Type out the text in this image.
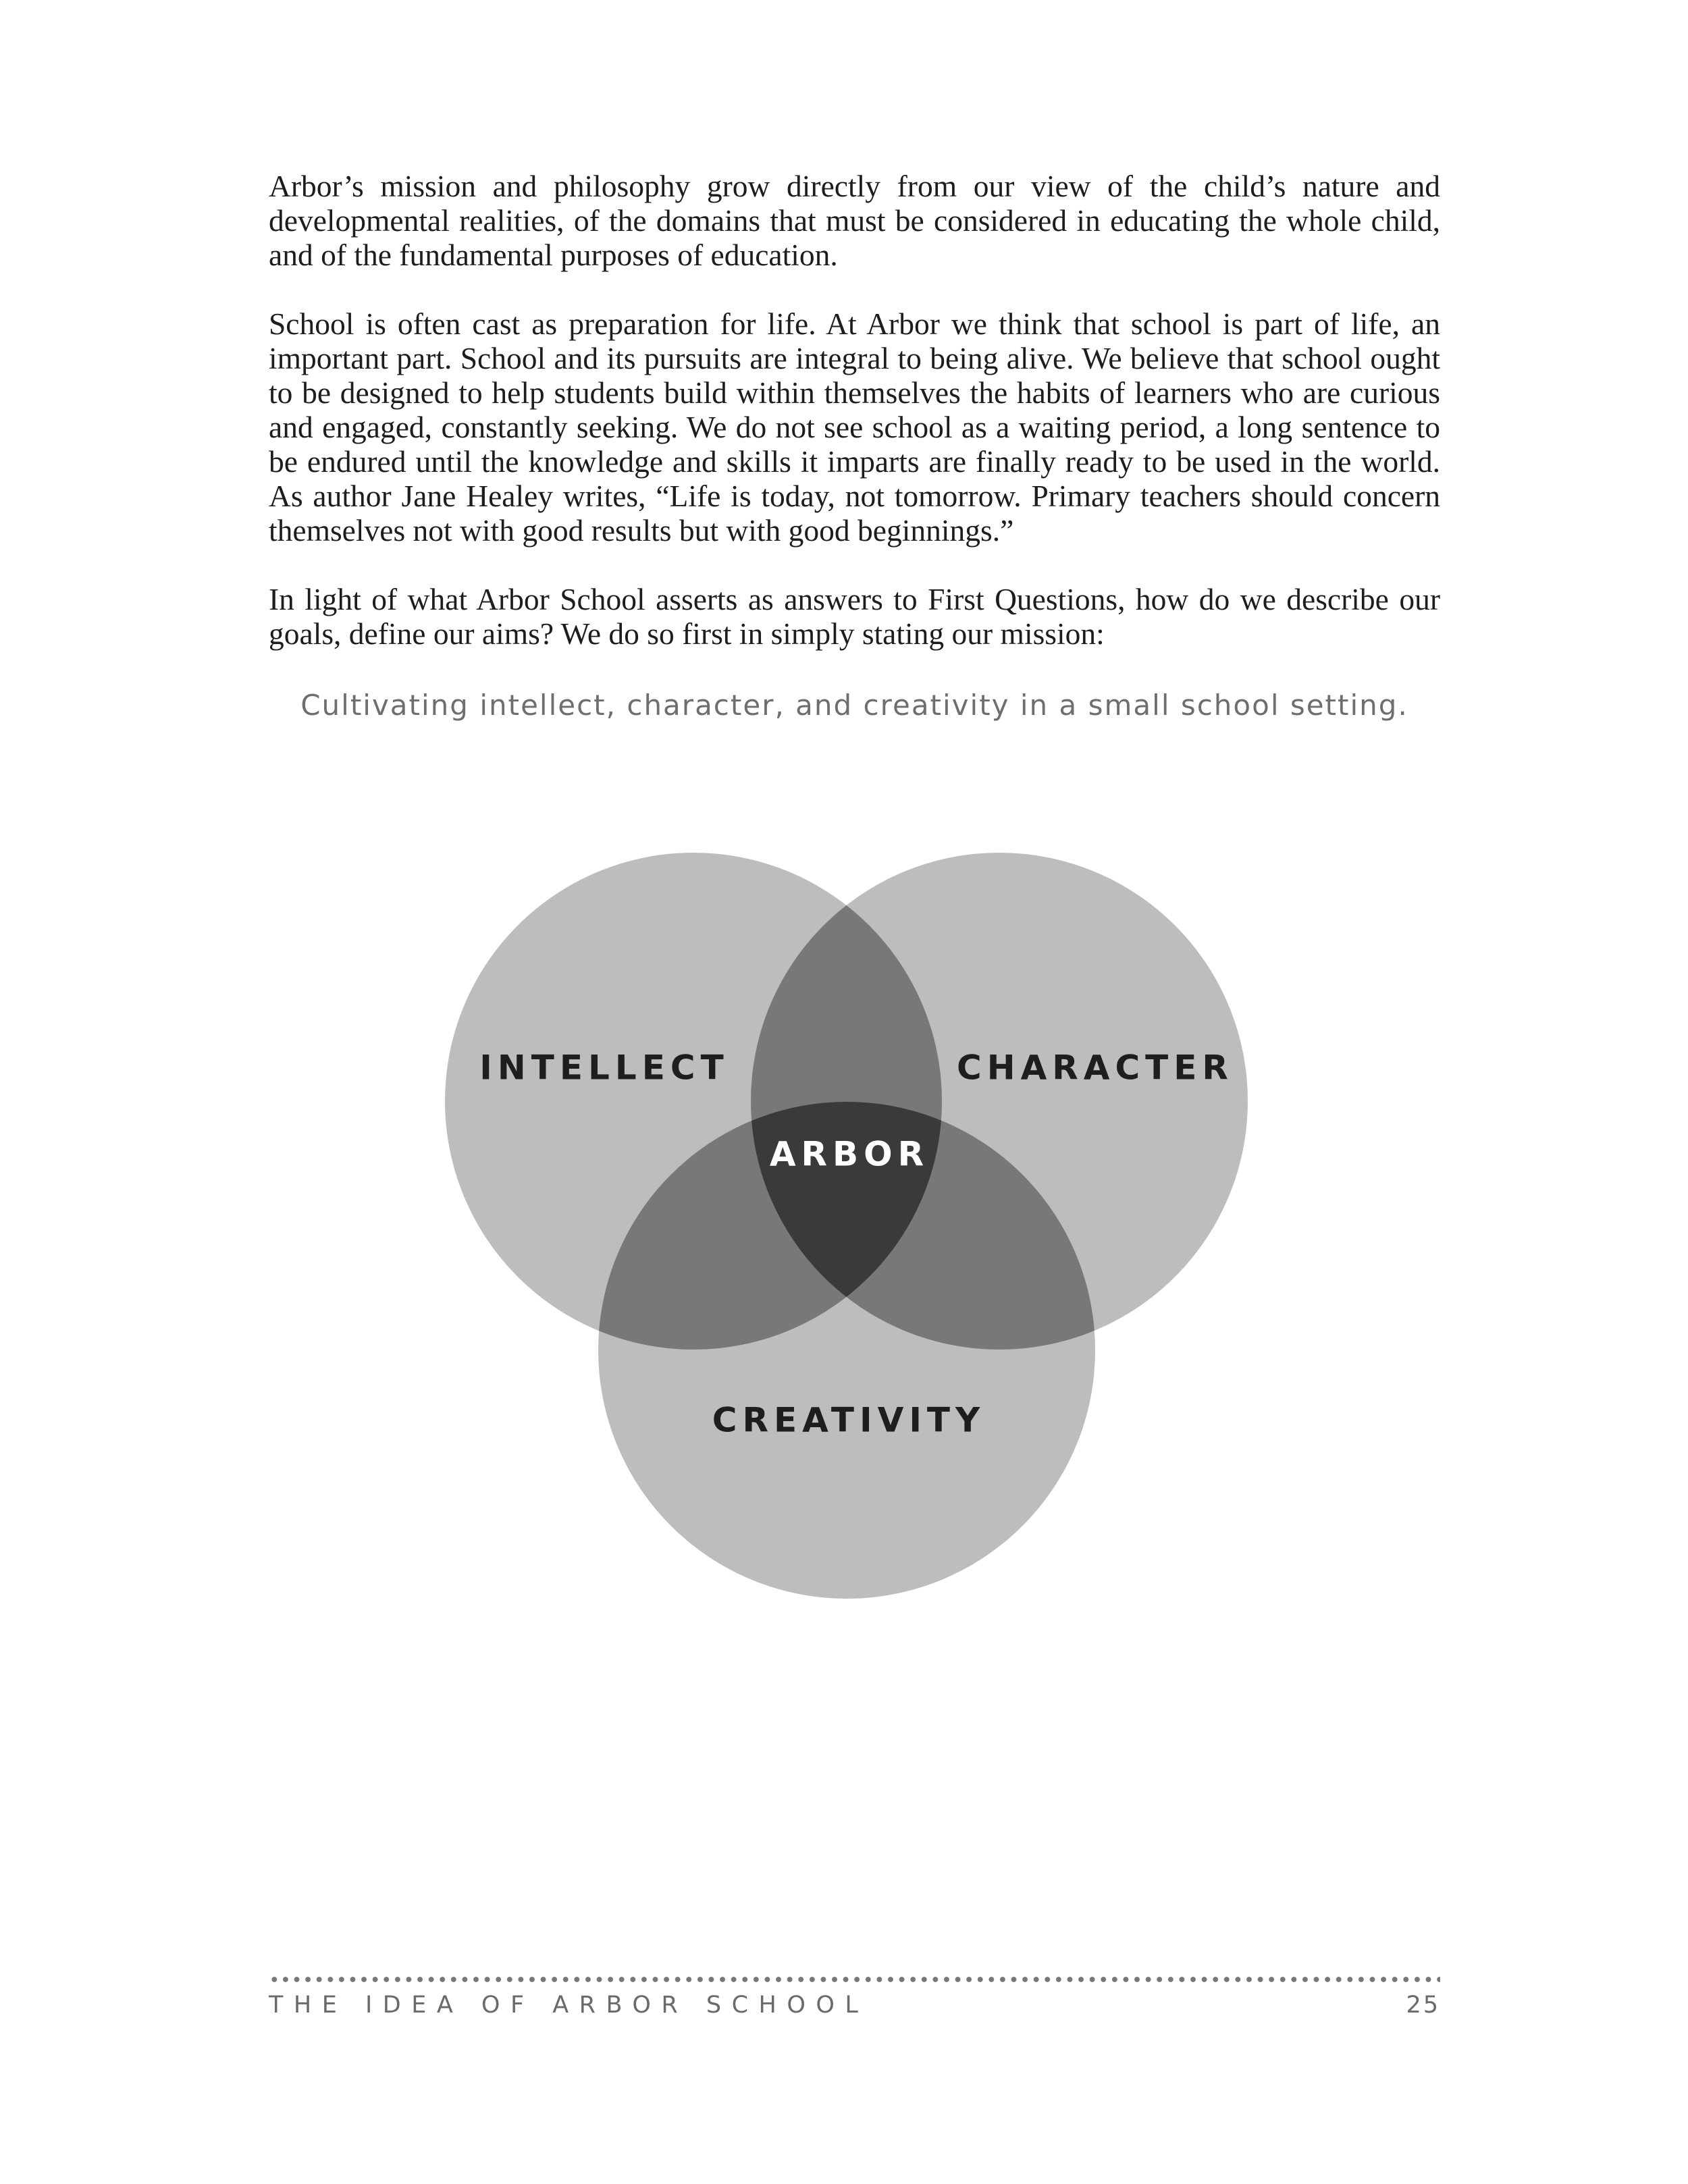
Arbor’s mission and philosophy grow directly from our view of the child’s nature and developmental realities, of the domains that must be considered in educating the whole child, and of the fundamental purposes of education.

School is often cast as preparation for life. At Arbor we think that school is part of life, an important part. School and its pursuits are integral to being alive. We believe that school ought to be designed to help students build within themselves the habits of learners who are curious and engaged, constantly seeking. We do not see school as a waiting period, a long sentence to be endured until the knowledge and skills it imparts are finally ready to be used in the world. As author Jane Healey writes, “Life is today, not tomorrow. Primary teachers should concern themselves not with good results but with good beginnings.”

In light of what Arbor School asserts as answers to First Questions, how do we describe our goals, define our aims? We do so first in simply stating our mission:

Cultivating intellect, character, and creativity in a small school setting.
INTELLECT	CHARACTER
CREATIVITY
ARBOR
THE IDEA OF ARBOR SCHOOL	25
